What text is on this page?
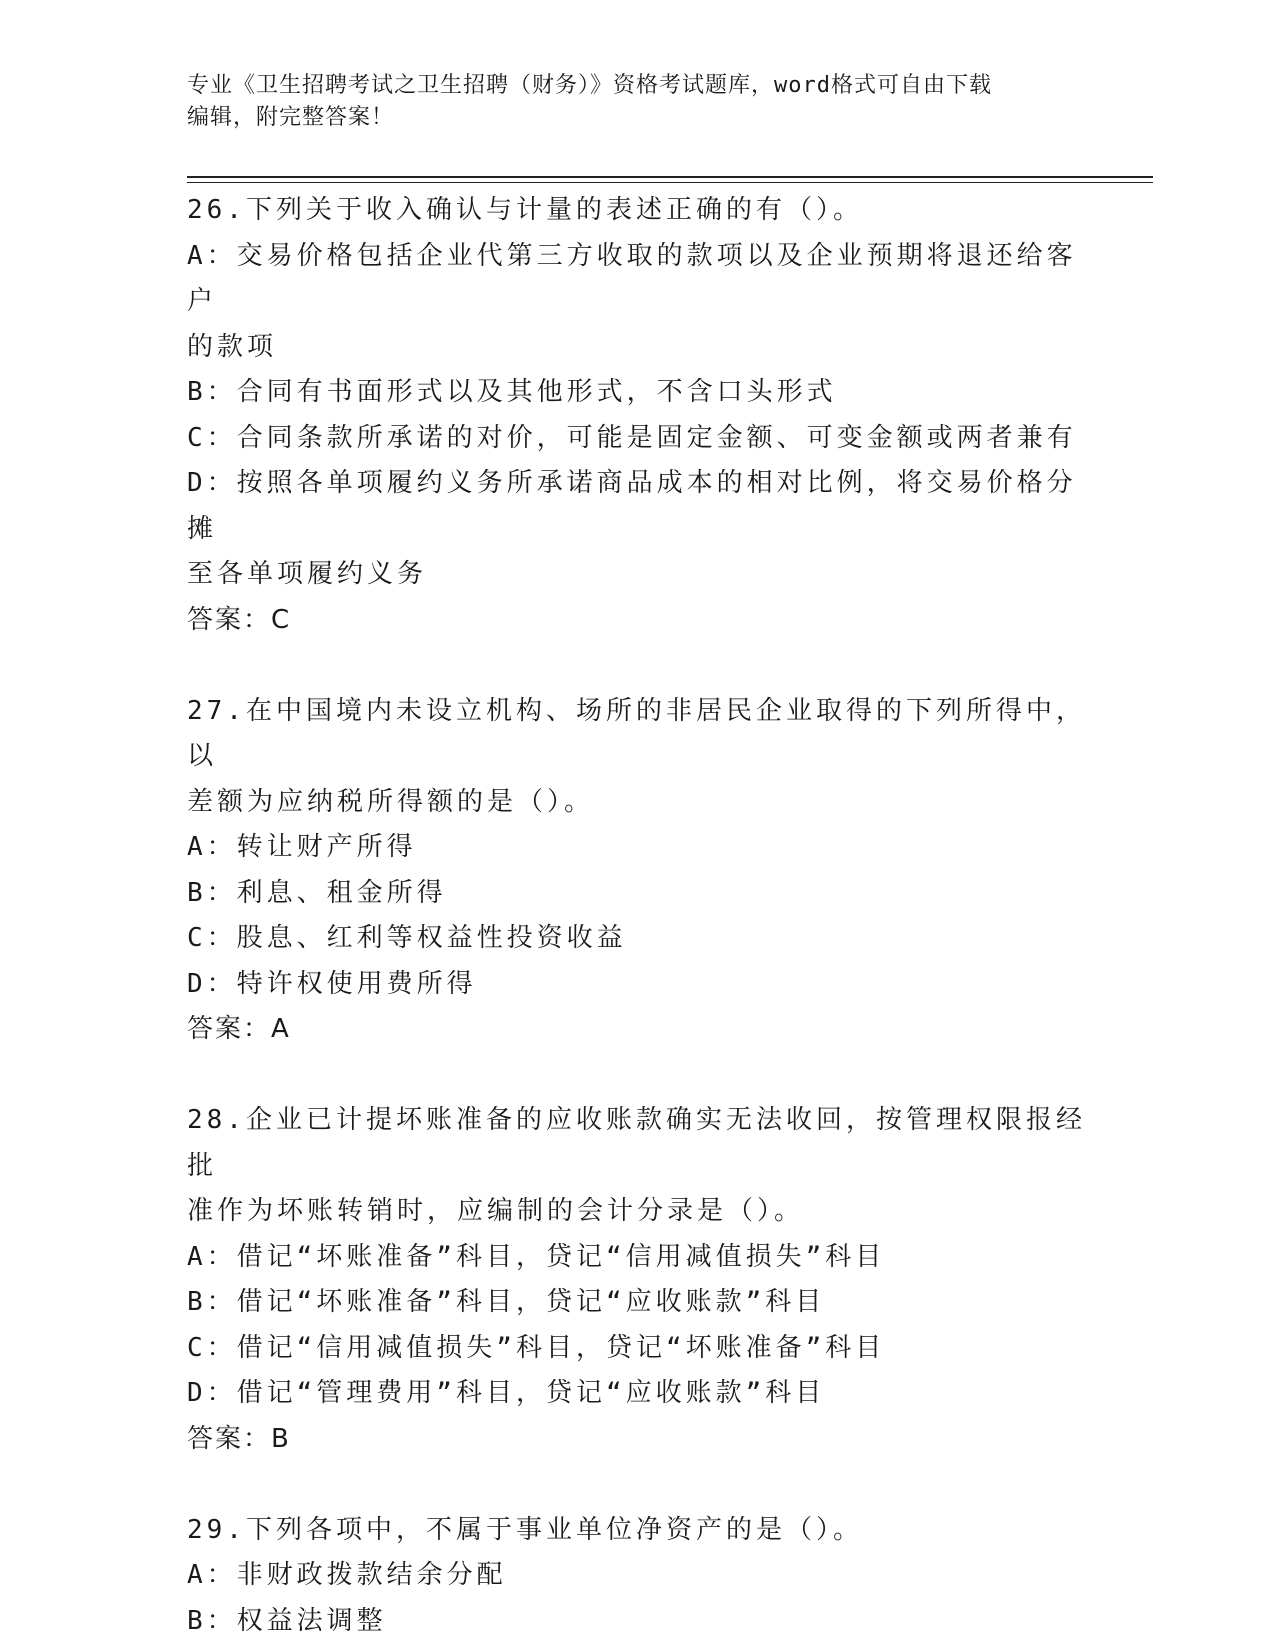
专业《卫生招聘考试之卫生招聘（财务）》资格考试题库，word格式可自由下载
编辑，附完整答案！
26.下列关于收入确认与计量的表述正确的有（）。
A：交易价格包括企业代第三方收取的款项以及企业预期将退还给客户
的款项
B：合同有书面形式以及其他形式，不含口头形式
C：合同条款所承诺的对价，可能是固定金额、可变金额或两者兼有
D：按照各单项履约义务所承诺商品成本的相对比例，将交易价格分摊
至各单项履约义务
答案：C
27.在中国境内未设立机构、场所的非居民企业取得的下列所得中，以
差额为应纳税所得额的是（）。
A：转让财产所得
B：利息、租金所得
C：股息、红利等权益性投资收益
D：特许权使用费所得
答案：A
28.企业已计提坏账准备的应收账款确实无法收回，按管理权限报经批
准作为坏账转销时，应编制的会计分录是（）。
A：借记“坏账准备”科目，贷记“信用减值损失”科目
B：借记“坏账准备”科目，贷记“应收账款”科目
C：借记“信用减值损失”科目，贷记“坏账准备”科目
D：借记“管理费用”科目，贷记“应收账款”科目
答案：B
29.下列各项中，不属于事业单位净资产的是（）。
A：非财政拨款结余分配
B：权益法调整
